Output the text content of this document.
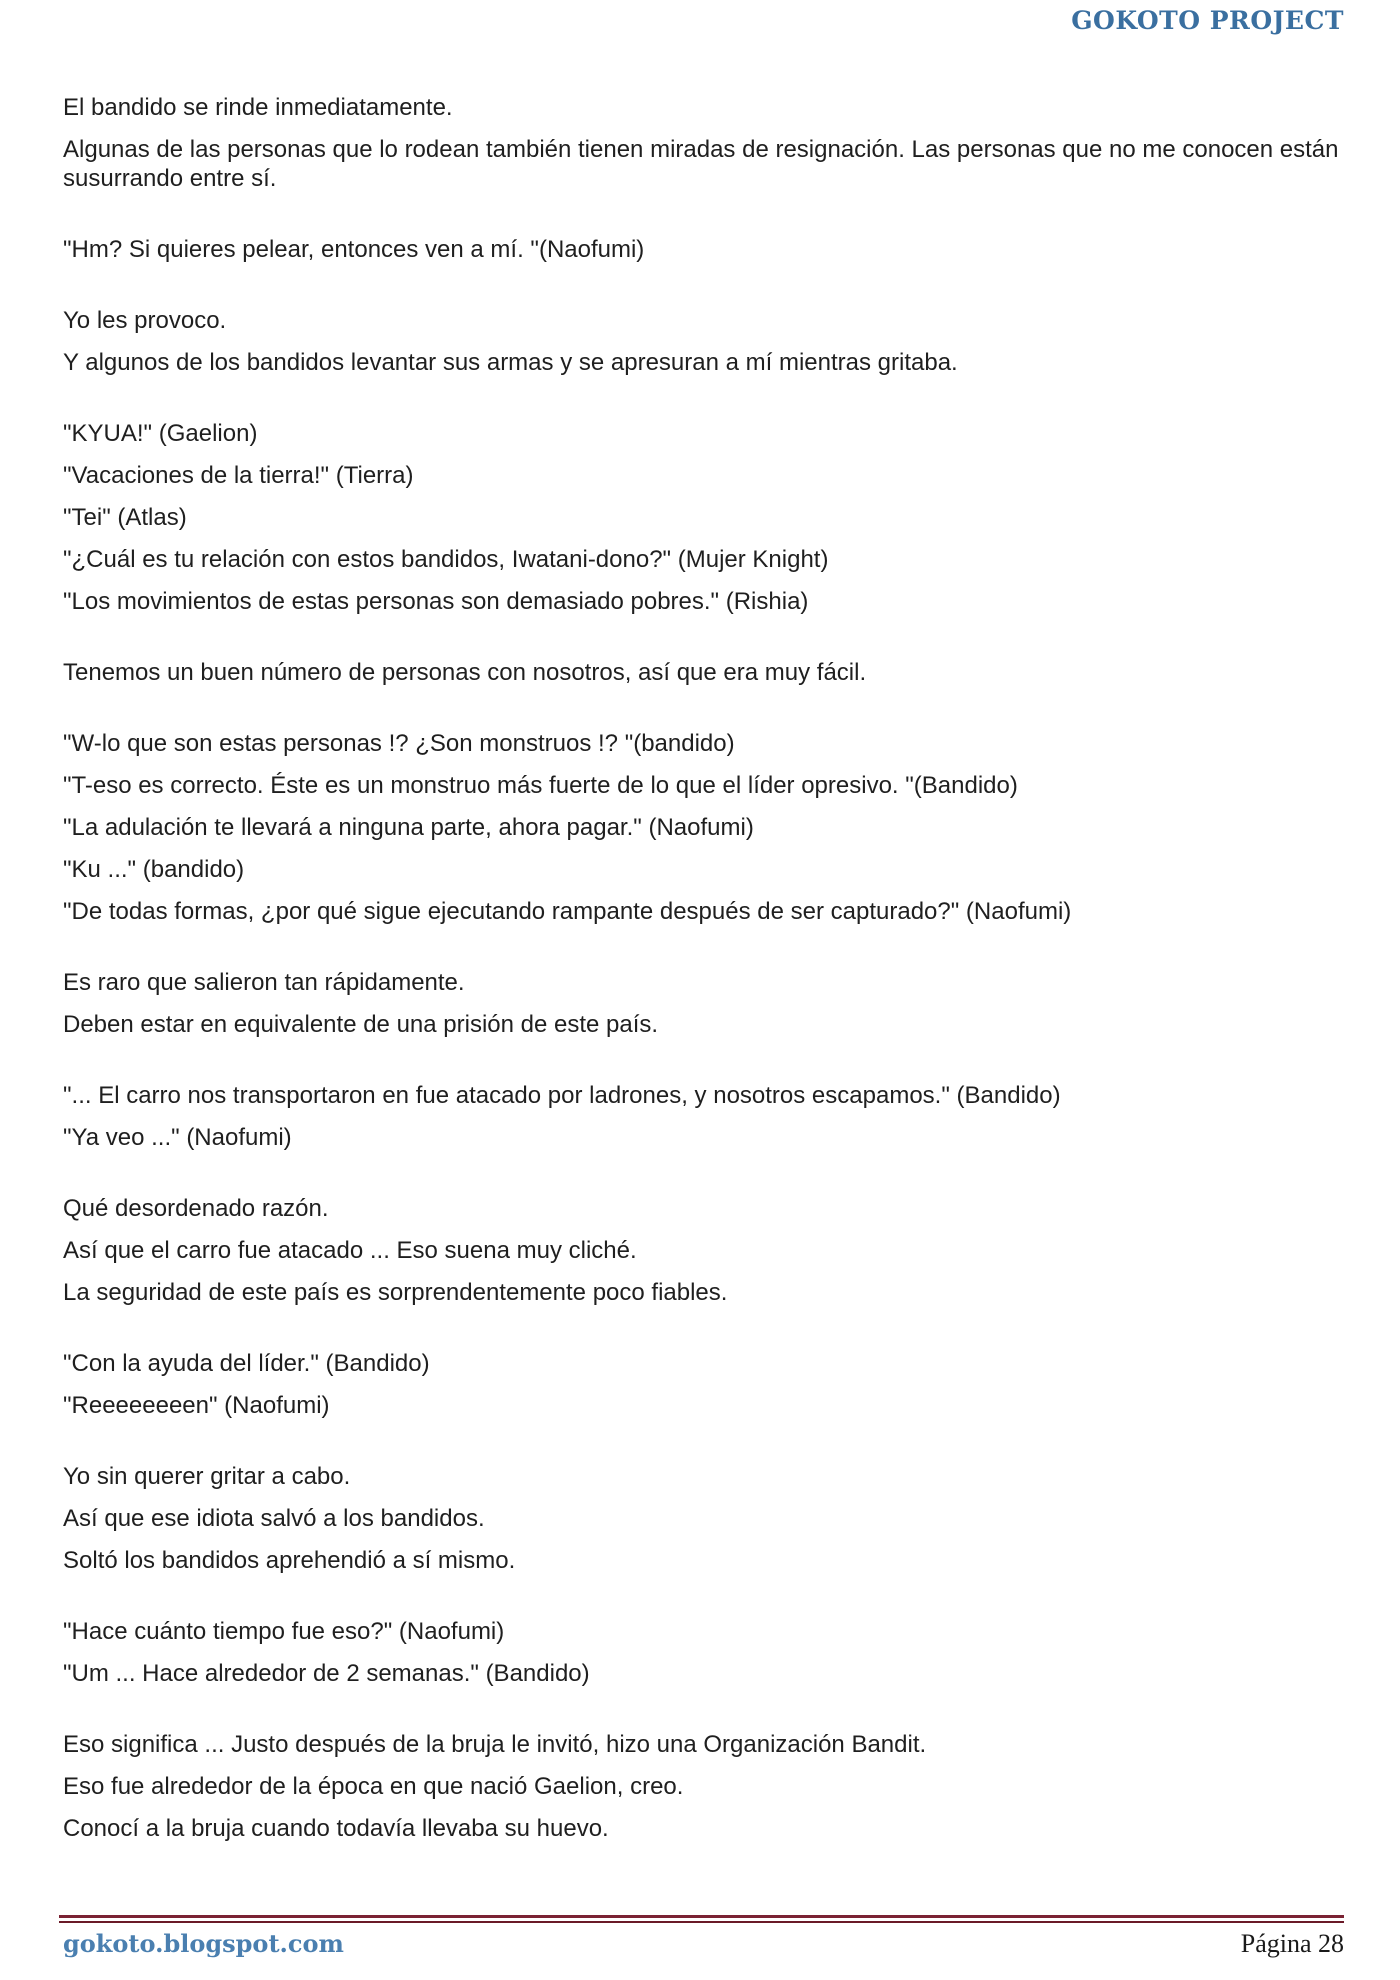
GOKOTO PROJECT

El bandido se rinde inmediatamente.

Algunas de las personas que lo rodean también tienen miradas de resignación. Las personas que no me conocen están susurrando entre sí.

"Hm? Si quieres pelear, entonces ven a mí. "(Naofumi)

Yo les provoco.

Y algunos de los bandidos levantar sus armas y se apresuran a mí mientras gritaba.

"KYUA!" (Gaelion)

"Vacaciones de la tierra!" (Tierra)

"Tei" (Atlas)

"¿Cuál es tu relación con estos bandidos, Iwatani-dono?" (Mujer Knight)

"Los movimientos de estas personas son demasiado pobres." (Rishia)

Tenemos un buen número de personas con nosotros, así que era muy fácil.

"W-lo que son estas personas !? ¿Son monstruos !? "(bandido)

"T-eso es correcto. Éste es un monstruo más fuerte de lo que el líder opresivo. "(Bandido)

"La adulación te llevará a ninguna parte, ahora pagar." (Naofumi)

"Ku ..." (bandido)

"De todas formas, ¿por qué sigue ejecutando rampante después de ser capturado?" (Naofumi)

Es raro que salieron tan rápidamente.

Deben estar en equivalente de una prisión de este país.

"... El carro nos transportaron en fue atacado por ladrones, y nosotros escapamos." (Bandido)

"Ya veo ..." (Naofumi)

Qué desordenado razón.

Así que el carro fue atacado ... Eso suena muy cliché.

La seguridad de este país es sorprendentemente poco fiables.

"Con la ayuda del líder." (Bandido)

"Reeeeeeeen" (Naofumi)

Yo sin querer gritar a cabo.

Así que ese idiota salvó a los bandidos.

Soltó los bandidos aprehendió a sí mismo.

"Hace cuánto tiempo fue eso?" (Naofumi)

"Um ... Hace alrededor de 2 semanas." (Bandido)

Eso significa ... Justo después de la bruja le invitó, hizo una Organización Bandit.

Eso fue alrededor de la época en que nació Gaelion, creo.

Conocí a la bruja cuando todavía llevaba su huevo.

gokoto.blogspot.com	Página 28
